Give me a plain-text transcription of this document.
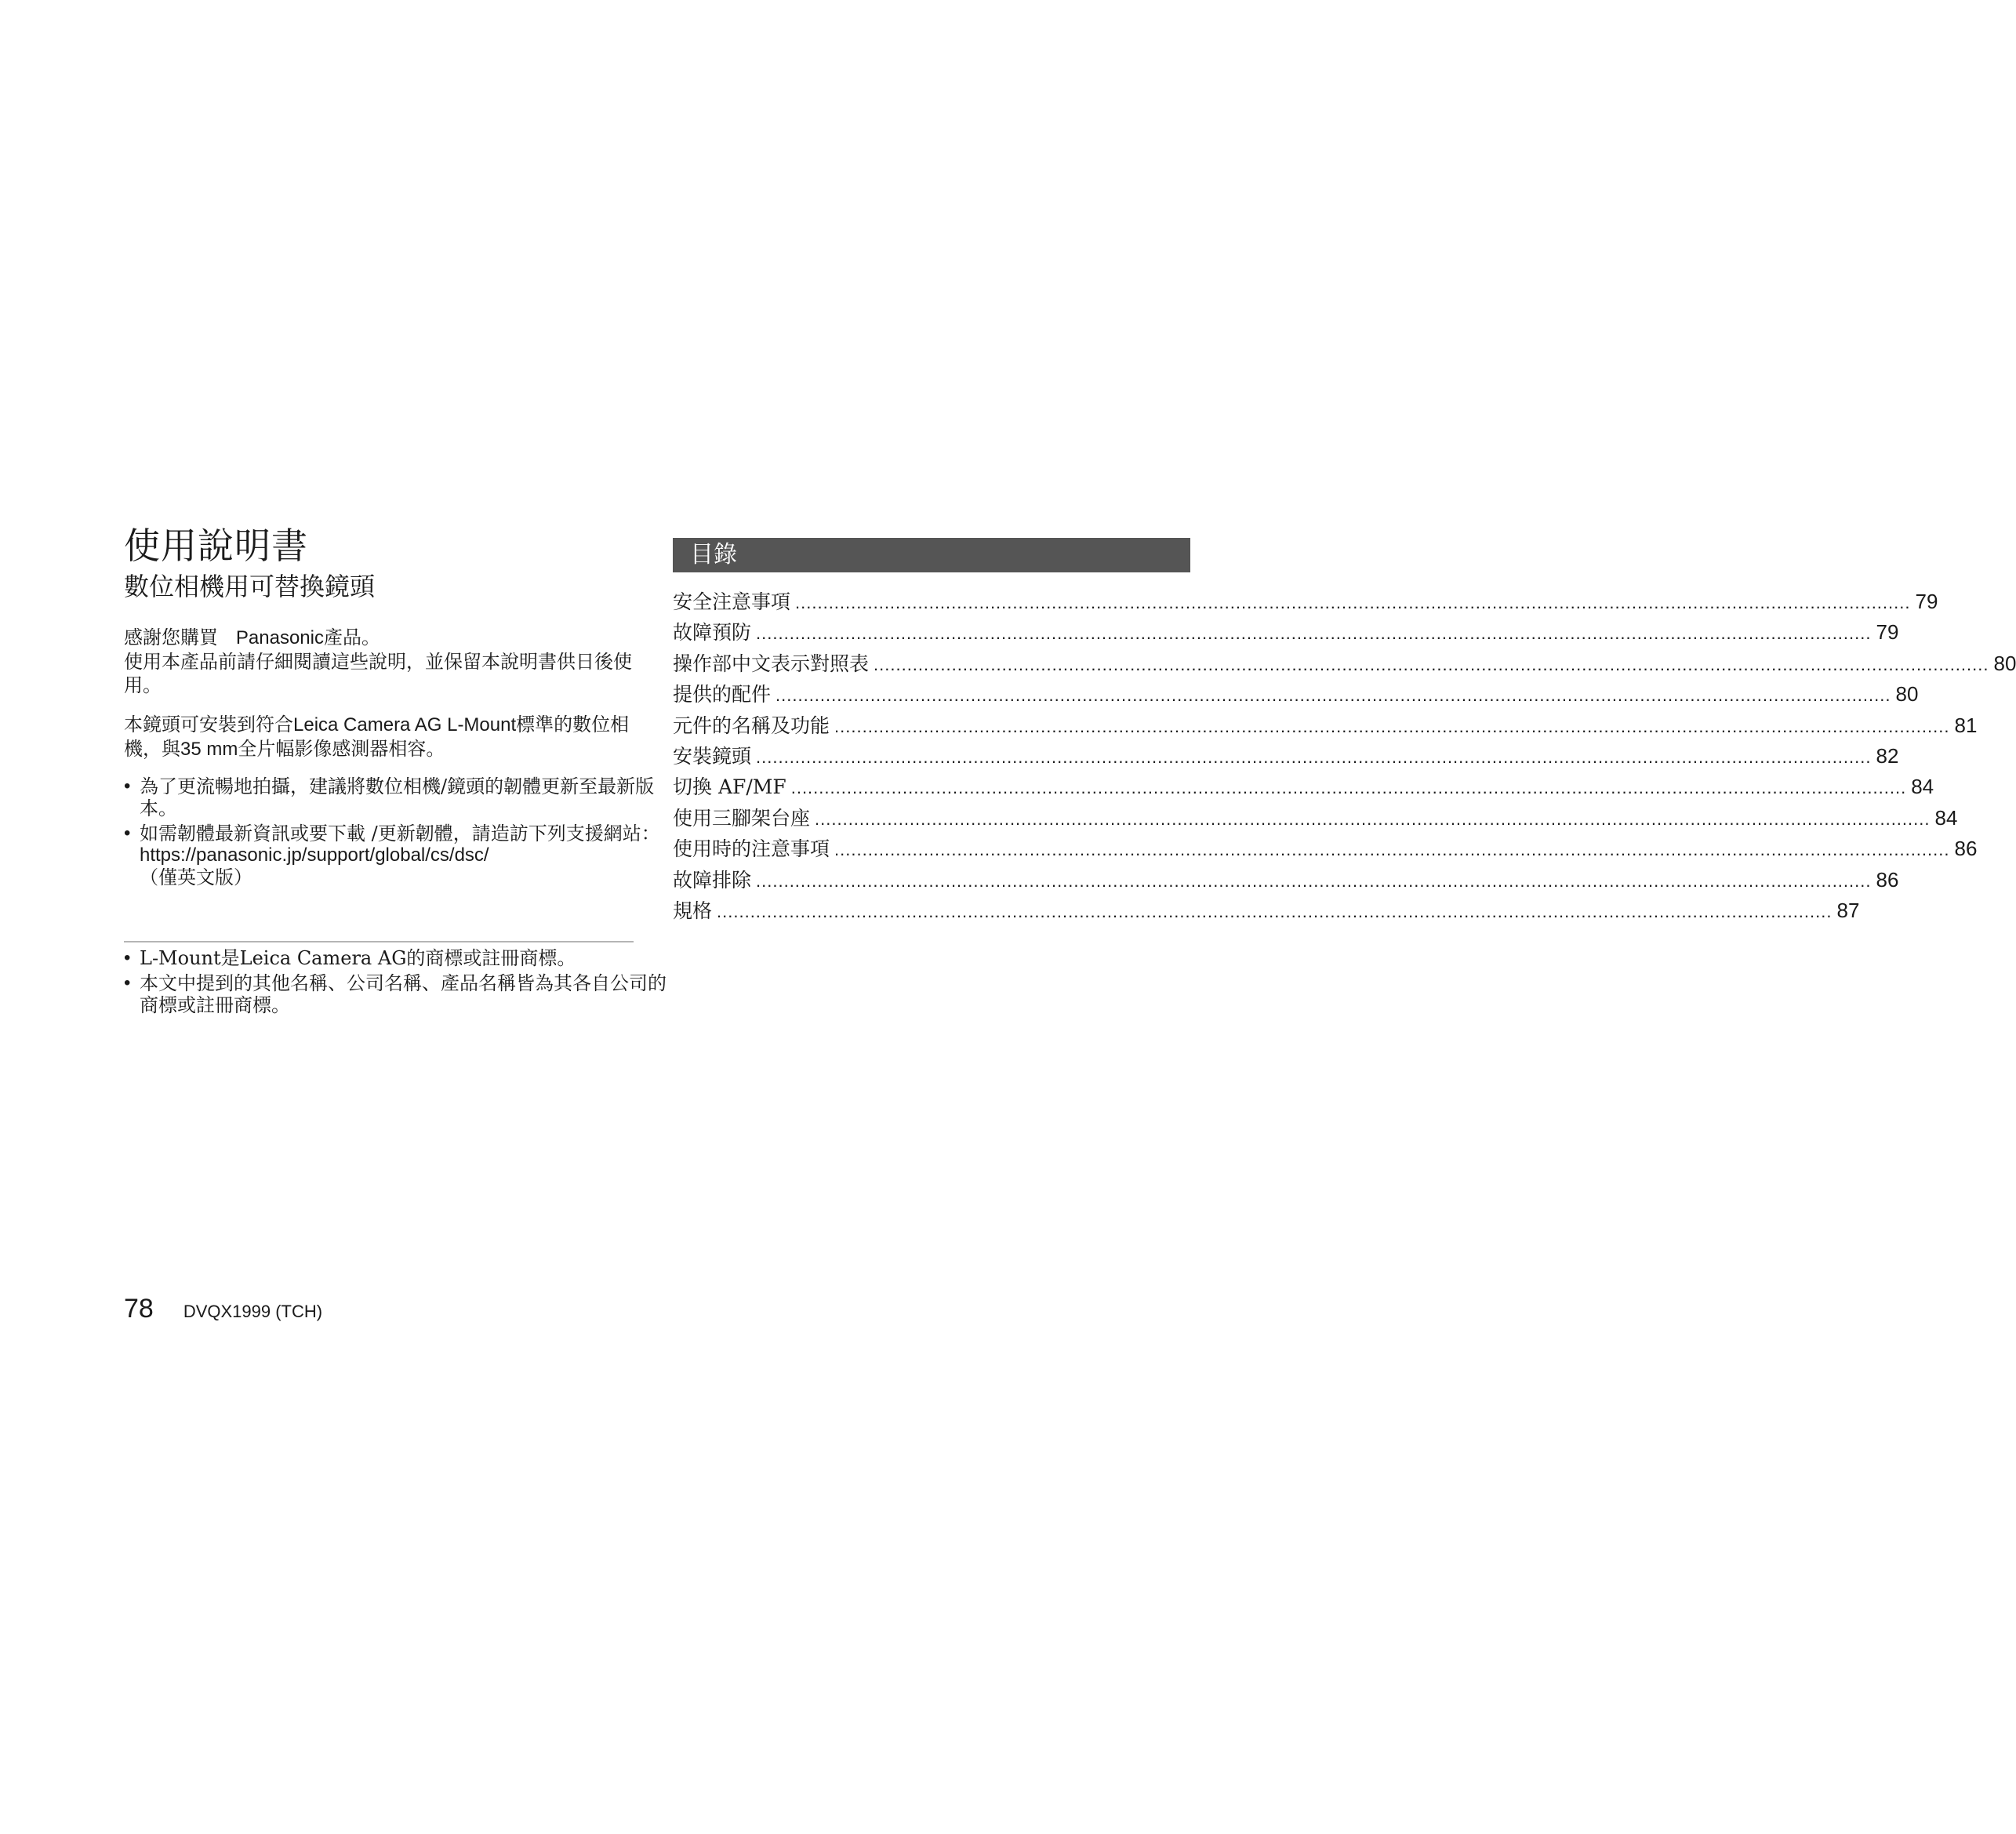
使用說明書
數位相機用可替換鏡頭

感謝您購買 Panasonic產品。

使用本產品前請仔細閱讀這些說明，並保留本說明書供日後使用。

本鏡頭可安裝到符合Leica Camera AG L-Mount標準的數位相機，與35 mm全片幅影像感測器相容。

• 為了更流暢地拍攝，建議將數位相機/鏡頭的韌體更新至最新版本。
• 如需韌體最新資訊或要下載 /更新韌體，請造訪下列支援網站：
https://panasonic.jp/support/global/cs/dsc/
（僅英文版）
• L-Mount是Leica Camera AG的商標或註冊商標。
• 本文中提到的其他名稱、公司名稱、產品名稱皆為其各自公司的商標或註冊商標。
目錄
安全注意事項 ........................................................................................................................................................................................................ 79
故障預防 ........................................................................................................................................................................................................ 79
操作部中文表示對照表 ........................................................................................................................................................................................................ 80
提供的配件 ........................................................................................................................................................................................................ 80
元件的名稱及功能 ........................................................................................................................................................................................................ 81
安裝鏡頭 ........................................................................................................................................................................................................ 82
切換 AF/MF ........................................................................................................................................................................................................ 84
使用三腳架台座 ........................................................................................................................................................................................................ 84
使用時的注意事項 ........................................................................................................................................................................................................ 86
故障排除 ........................................................................................................................................................................................................ 86
規格 ........................................................................................................................................................................................................ 87
78 DVQX1999 (TCH)
